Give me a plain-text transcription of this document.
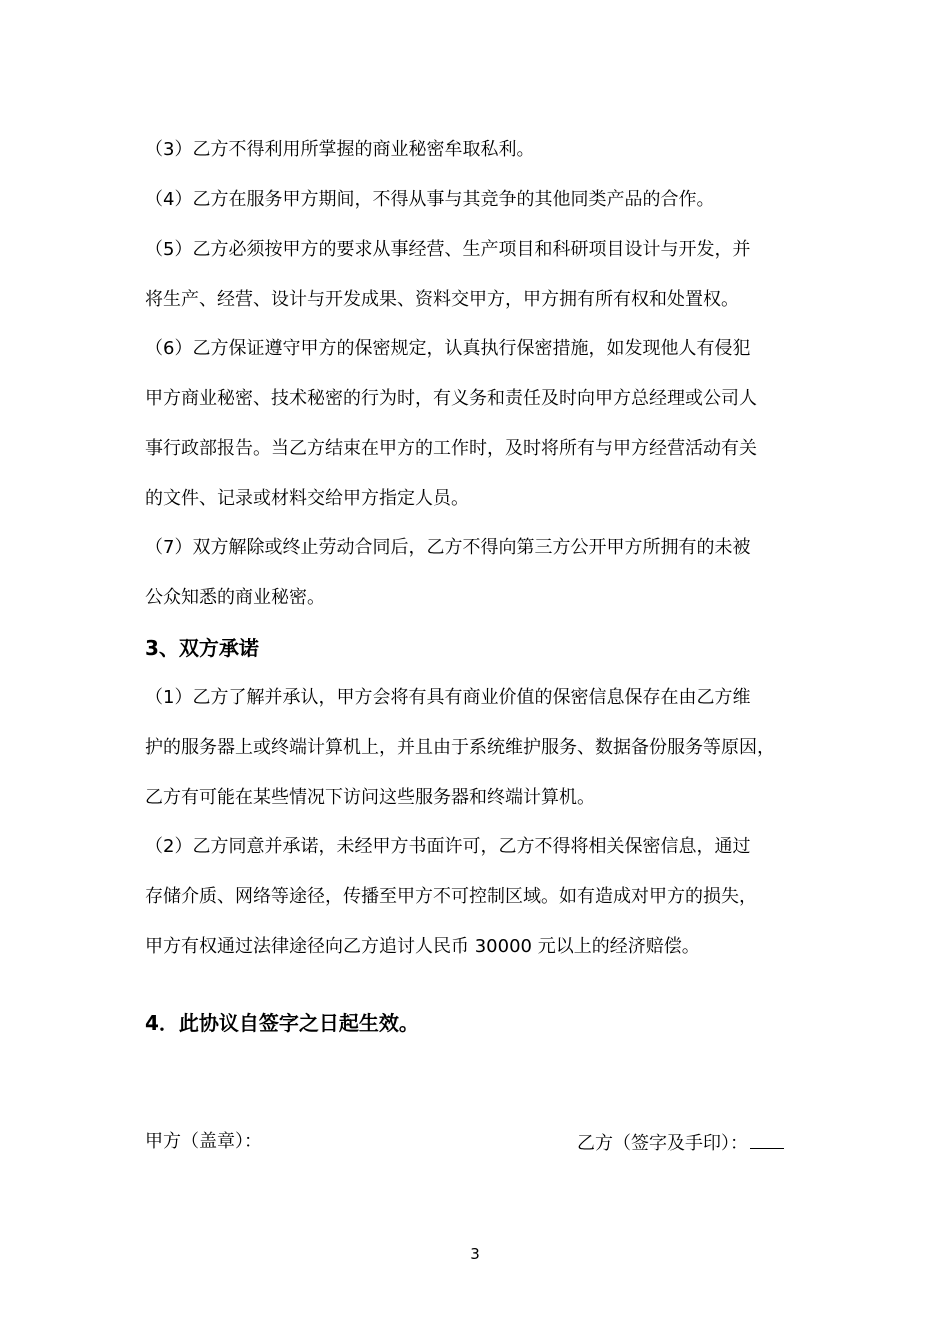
（3）乙方不得利用所掌握的商业秘密牟取私利。
（4）乙方在服务甲方期间，不得从事与其竞争的其他同类产品的合作。
（5）乙方必须按甲方的要求从事经营、生产项目和科研项目设计与开发，并
将生产、经营、设计与开发成果、资料交甲方，甲方拥有所有权和处置权。
（6）乙方保证遵守甲方的保密规定，认真执行保密措施，如发现他人有侵犯
甲方商业秘密、技术秘密的行为时，有义务和责任及时向甲方总经理或公司人
事行政部报告。当乙方结束在甲方的工作时，及时将所有与甲方经营活动有关
的文件、记录或材料交给甲方指定人员。
（7）双方解除或终止劳动合同后，乙方不得向第三方公开甲方所拥有的未被
公众知悉的商业秘密。
3、双方承诺
（1）乙方了解并承认，甲方会将有具有商业价值的保密信息保存在由乙方维
护的服务器上或终端计算机上，并且由于系统维护服务、数据备份服务等原因，
乙方有可能在某些情况下访问这些服务器和终端计算机。
（2）乙方同意并承诺，未经甲方书面许可，乙方不得将相关保密信息，通过
存储介质、网络等途径，传播至甲方不可控制区域。如有造成对甲方的损失，
甲方有权通过法律途径向乙方追讨人民币 30000 元以上的经济赔偿。
4．此协议自签字之日起生效。
甲方（盖章）：	乙方（签字及手印）：
3
